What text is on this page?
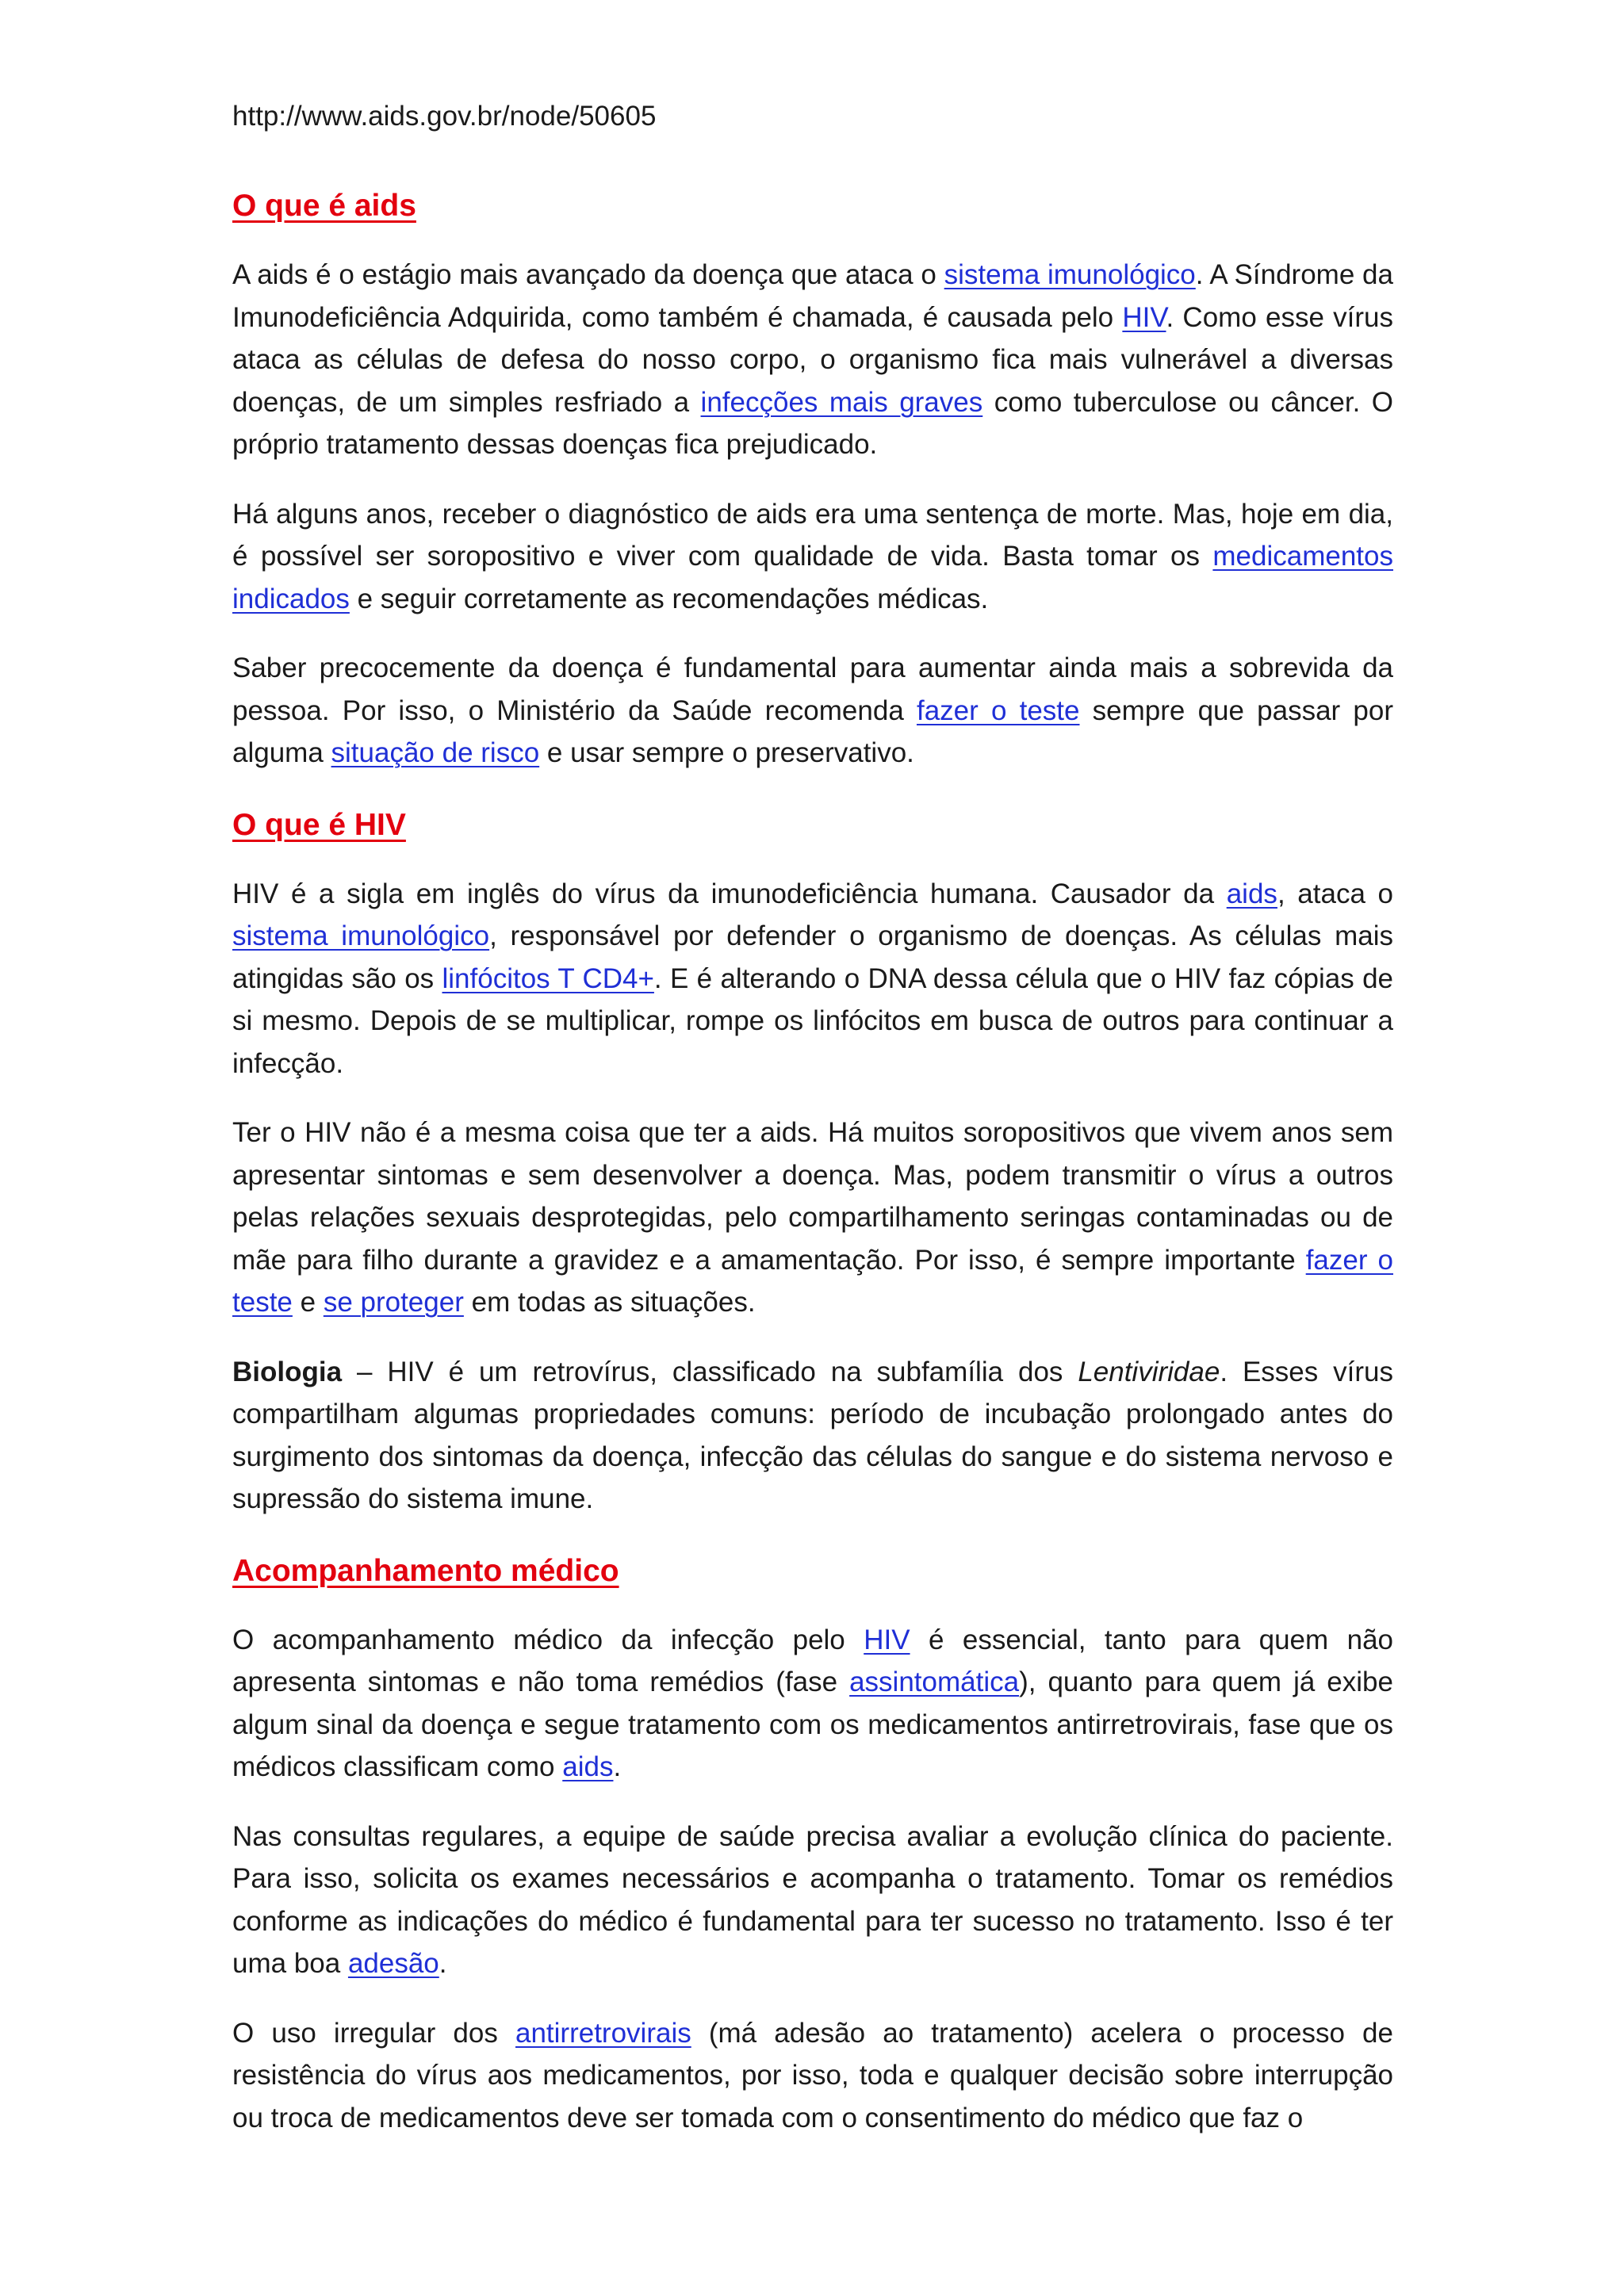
http://www.aids.gov.br/node/50605
O que é aids

A aids é o estágio mais avançado da doença que ataca o sistema imunológico. A Síndrome da Imunodeficiência Adquirida, como também é chamada, é causada pelo HIV. Como esse vírus ataca as células de defesa do nosso corpo, o organismo fica mais vulnerável a diversas doenças, de um simples resfriado a infecções mais graves como tuberculose ou câncer. O próprio tratamento dessas doenças fica prejudicado.

Há alguns anos, receber o diagnóstico de aids era uma sentença de morte. Mas, hoje em dia, é possível ser soropositivo e viver com qualidade de vida. Basta tomar os medicamentos indicados e seguir corretamente as recomendações médicas.

Saber precocemente da doença é fundamental para aumentar ainda mais a sobrevida da pessoa. Por isso, o Ministério da Saúde recomenda fazer o teste sempre que passar por alguma situação de risco e usar sempre o preservativo.

O que é HIV

HIV é a sigla em inglês do vírus da imunodeficiência humana. Causador da aids, ataca o sistema imunológico, responsável por defender o organismo de doenças. As células mais atingidas são os linfócitos T CD4+. E é alterando o DNA dessa célula que o HIV faz cópias de si mesmo. Depois de se multiplicar, rompe os linfócitos em busca de outros para continuar a infecção.

Ter o HIV não é a mesma coisa que ter a aids. Há muitos soropositivos que vivem anos sem apresentar sintomas e sem desenvolver a doença. Mas, podem transmitir o vírus a outros pelas relações sexuais desprotegidas, pelo compartilhamento seringas contaminadas ou de mãe para filho durante a gravidez e a amamentação. Por isso, é sempre importante fazer o teste e se proteger em todas as situações.

Biologia – HIV é um retrovírus, classificado na subfamília dos Lentiviridae. Esses vírus compartilham algumas propriedades comuns: período de incubação prolongado antes do surgimento dos sintomas da doença, infecção das células do sangue e do sistema nervoso e supressão do sistema imune.

Acompanhamento médico

O acompanhamento médico da infecção pelo HIV é essencial, tanto para quem não apresenta sintomas e não toma remédios (fase assintomática), quanto para quem já exibe algum sinal da doença e segue tratamento com os medicamentos antirretrovirais, fase que os médicos classificam como aids.

Nas consultas regulares, a equipe de saúde precisa avaliar a evolução clínica do paciente. Para isso, solicita os exames necessários e acompanha o tratamento. Tomar os remédios conforme as indicações do médico é fundamental para ter sucesso no tratamento. Isso é ter uma boa adesão.

O uso irregular dos antirretrovirais (má adesão ao tratamento) acelera o processo de resistência do vírus aos medicamentos, por isso, toda e qualquer decisão sobre interrupção ou troca de medicamentos deve ser tomada com o consentimento do médico que faz o
